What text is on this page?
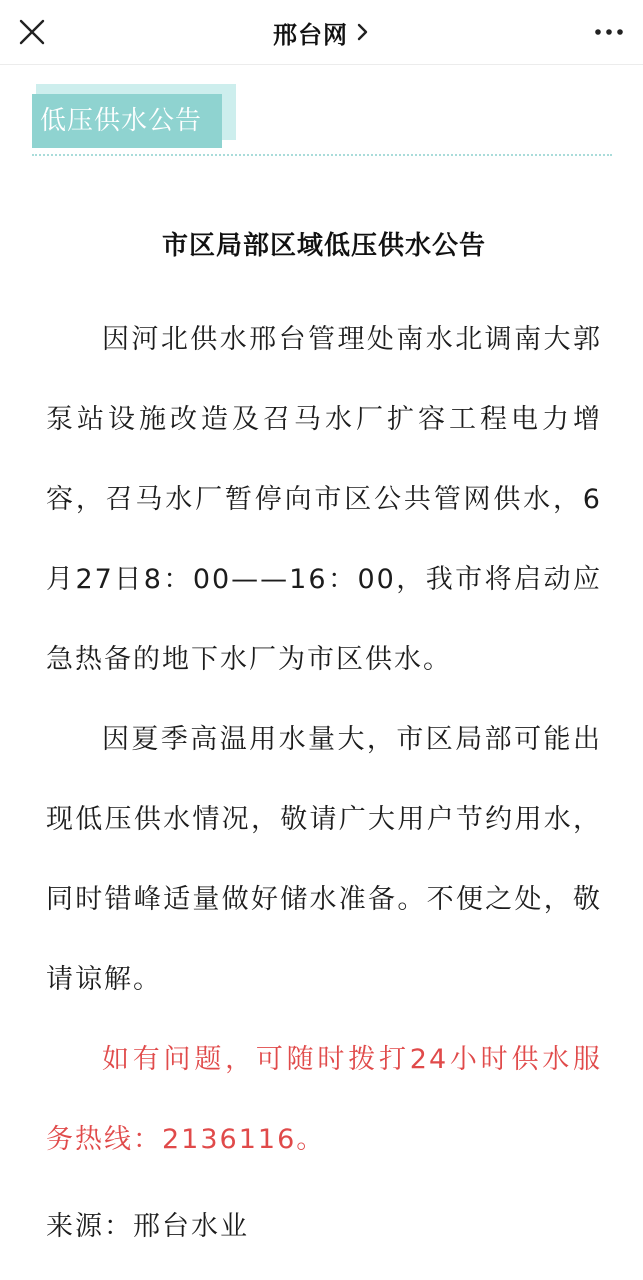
邢台网
低压供水公告
市区局部区域低压供水公告

因河北供水邢台管理处南水北调南大郭泵站设施改造及召马水厂扩容工程电力增容，召马水厂暂停向市区公共管网供水，6月27日8：00——16：00，我市将启动应急热备的地下水厂为市区供水。

因夏季高温用水量大，市区局部可能出现低压供水情况，敬请广大用户节约用水，同时错峰适量做好储水准备。不便之处，敬请谅解。

如有问题，可随时拨打24小时供水服务热线：2136116。

来源：邢台水业
